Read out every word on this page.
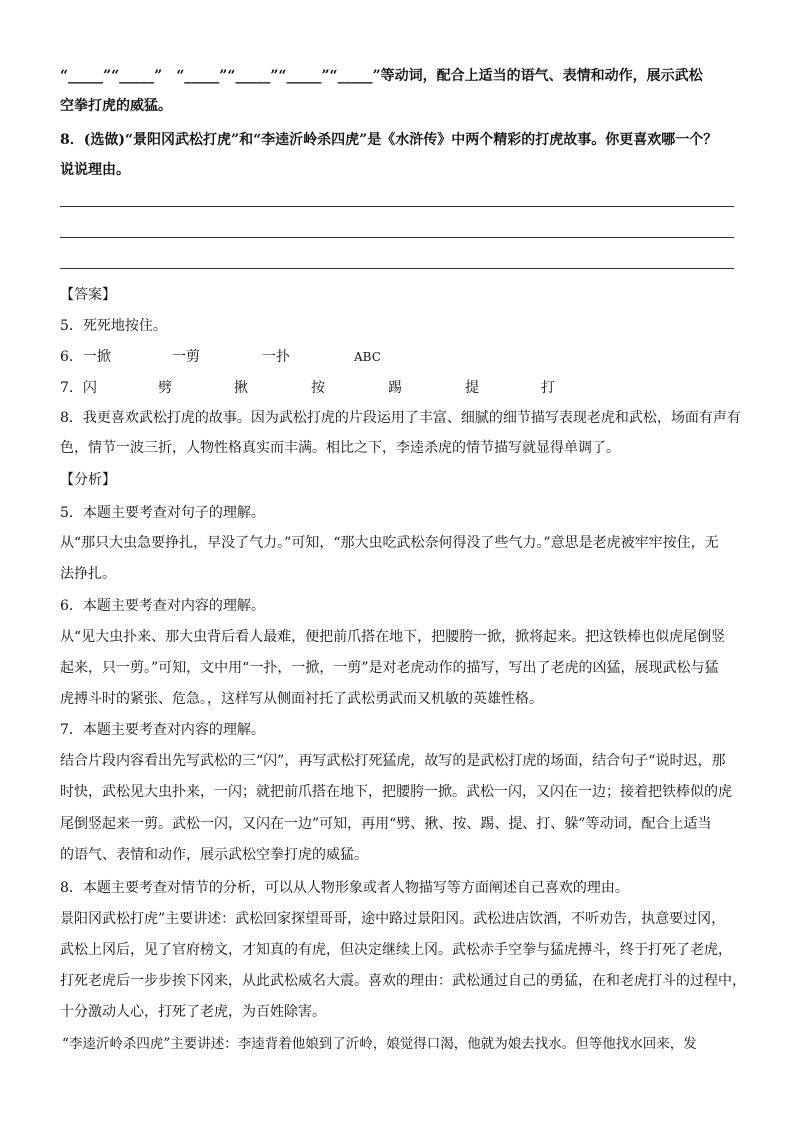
“_____”“_____”　“_____”“_____”“_____”“_____”等动词，配合上适当的语气、表情和动作，展示武松
空拳打虎的威猛。
8．(选做)“景阳冈武松打虎”和“李逵沂岭杀四虎”是《水浒传》中两个精彩的打虎故事。你更喜欢哪一个？
说说理由。
【答案】
5．死死地按住。
6．一掀	一剪	一扑	ABC
7．闪	劈	揪	按	踢	提	打
8．我更喜欢武松打虎的故事。因为武松打虎的片段运用了丰富、细腻的细节描写表现老虎和武松，场面有声有
色，情节一波三折，人物性格真实而丰满。相比之下，李逵杀虎的情节描写就显得单调了。
【分析】
5．本题主要考查对句子的理解。
从“那只大虫急要挣扎，早没了气力。”可知，“那大虫吃武松奈何得没了些气力。”意思是老虎被牢牢按住，无
法挣扎。
6．本题主要考查对内容的理解。
从“见大虫扑来、那大虫背后看人最难，便把前爪搭在地下，把腰胯一掀，掀将起来。把这铁棒也似虎尾倒竖
起来，只一剪。”可知，文中用“一扑，一掀，一剪”是对老虎动作的描写，写出了老虎的凶猛，展现武松与猛
虎搏斗时的紧张、危急。，这样写从侧面衬托了武松勇武而又机敏的英雄性格。
7．本题主要考查对内容的理解。
结合片段内容看出先写武松的三“闪”，再写武松打死猛虎，故写的是武松打虎的场面，结合句子“说时迟，那
时快，武松见大虫扑来，一闪；就把前爪搭在地下，把腰胯一掀。武松一闪，又闪在一边；接着把铁棒似的虎
尾倒竖起来一剪。武松一闪，又闪在一边”可知，再用“劈、揪、按、踢、提、打、躲”等动词，配合上适当
的语气、表情和动作，展示武松空拳打虎的威猛。
8．本题主要考查对情节的分析，可以从人物形象或者人物描写等方面阐述自己喜欢的理由。
景阳冈武松打虎”主要讲述：武松回家探望哥哥，途中路过景阳冈。武松进店饮酒，不听劝告，执意要过冈，
武松上冈后，见了官府榜文，才知真的有虎，但决定继续上冈。武松赤手空拳与猛虎搏斗，终于打死了老虎，
打死老虎后一步步挨下冈来，从此武松威名大震。喜欢的理由：武松通过自己的勇猛，在和老虎打斗的过程中，
十分激动人心，打死了老虎，为百姓除害。
“李逵沂岭杀四虎”主要讲述：李逵背着他娘到了沂岭，娘觉得口渴，他就为娘去找水。但等他找水回来，发
